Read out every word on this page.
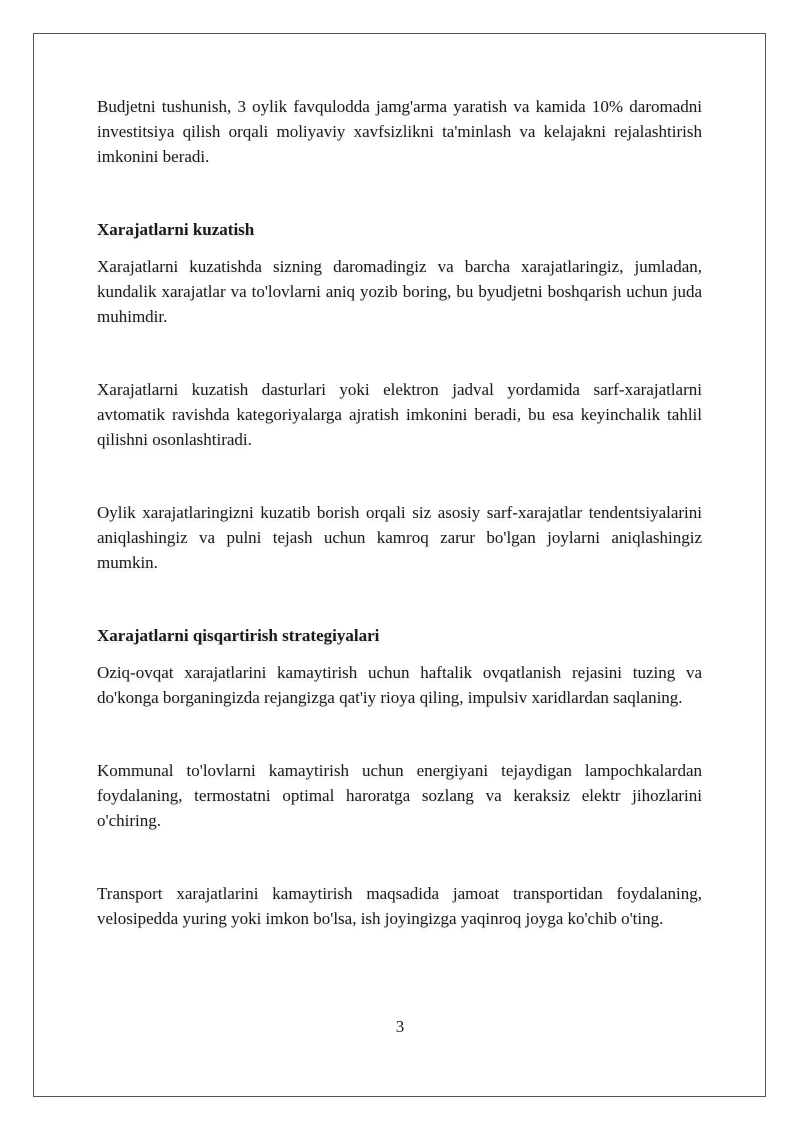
Budjetni tushunish, 3 oylik favqulodda jamg'arma yaratish va kamida 10% daromadni investitsiya qilish orqali moliyaviy xavfsizlikni ta'minlash va kelajakni rejalashtirish imkonini beradi.

Xarajatlarni kuzatish

Xarajatlarni kuzatishda sizning daromadingiz va barcha xarajatlaringiz, jumladan, kundalik xarajatlar va to'lovlarni aniq yozib boring, bu byudjetni boshqarish uchun juda muhimdir.

Xarajatlarni kuzatish dasturlari yoki elektron jadval yordamida sarf-xarajatlarni avtomatik ravishda kategoriyalarga ajratish imkonini beradi, bu esa keyinchalik tahlil qilishni osonlashtiradi.

Oylik xarajatlaringizni kuzatib borish orqali siz asosiy sarf-xarajatlar tendentsiyalarini aniqlashingiz va pulni tejash uchun kamroq zarur bo'lgan joylarni aniqlashingiz mumkin.

Xarajatlarni qisqartirish strategiyalari

Oziq-ovqat xarajatlarini kamaytirish uchun haftalik ovqatlanish rejasini tuzing va do'konga borganingizda rejangizga qat'iy rioya qiling, impulsiv xaridlardan saqlaning.

Kommunal to'lovlarni kamaytirish uchun energiyani tejaydigan lampochkalardan foydalaning, termostatni optimal haroratga sozlang va keraksiz elektr jihozlarini o'chiring.

Transport xarajatlarini kamaytirish maqsadida jamoat transportidan foydalaning, velosipedda yuring yoki imkon bo'lsa, ish joyingizga yaqinroq joyga ko'chib o'ting.

3
